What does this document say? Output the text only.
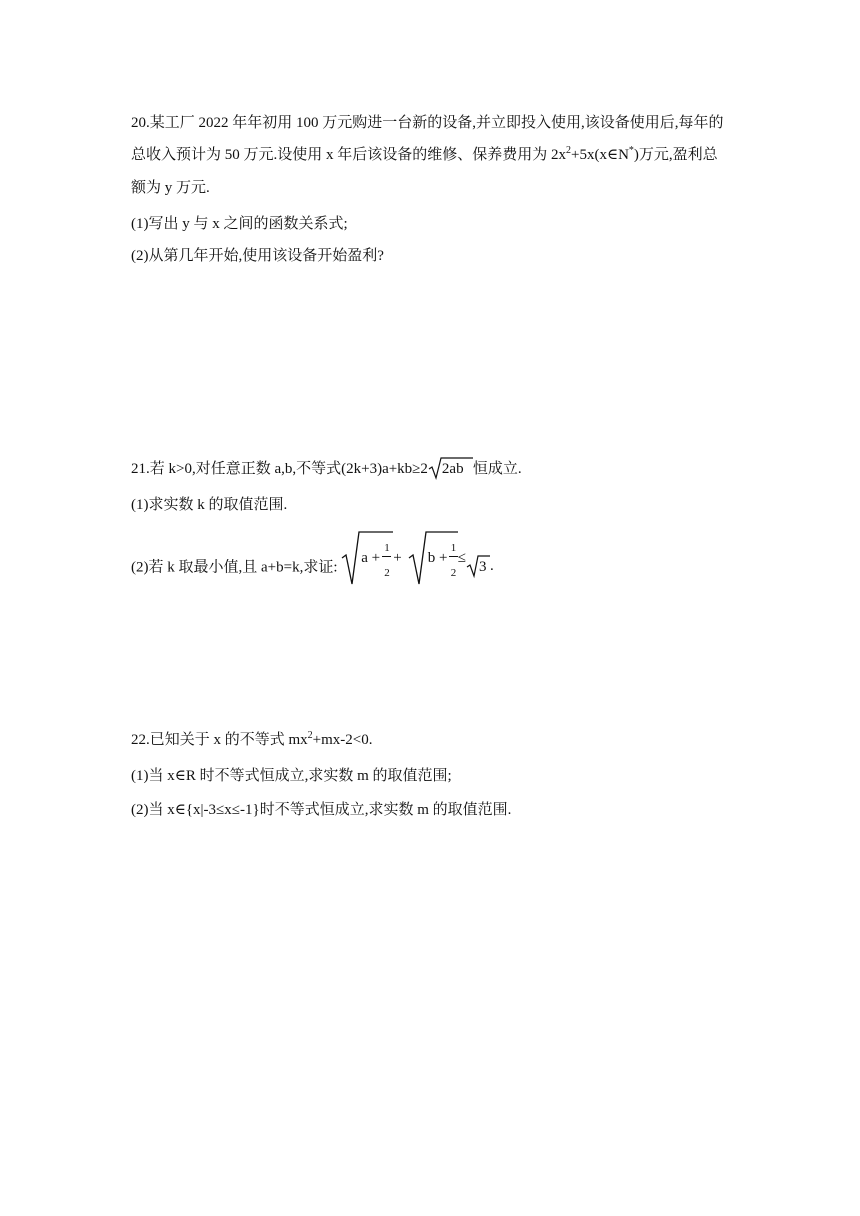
20.某工厂 2022 年年初用 100 万元购进一台新的设备,并立即投入使用,该设备使用后,每年的
总收入预计为 50 万元.设使用 x 年后该设备的维修、保养费用为 $2x^2+5x(x\in N^*)$万元,盈利总
额为 y 万元.
(1)写出 y 与 x 之间的函数关系式;
(2)从第几年开始,使用该设备开始盈利?
21.若 k>0,对任意正数 a,b,不等式(2k+3)a+kb≥2 2ab 恒成立.
(1)求实数 k 的取值范围.
(2)若 k 取最小值,且 a+b=k,求证:
a +
1
2
+ b +
1
2
≤
3 .
22.已知关于 x 的不等式 $mx^2+mx-2<0$.
(1)当 x∈R 时不等式恒成立,求实数 m 的取值范围;
(2)当 x∈{x|-3≤x≤-1}时不等式恒成立,求实数 m 的取值范围.
